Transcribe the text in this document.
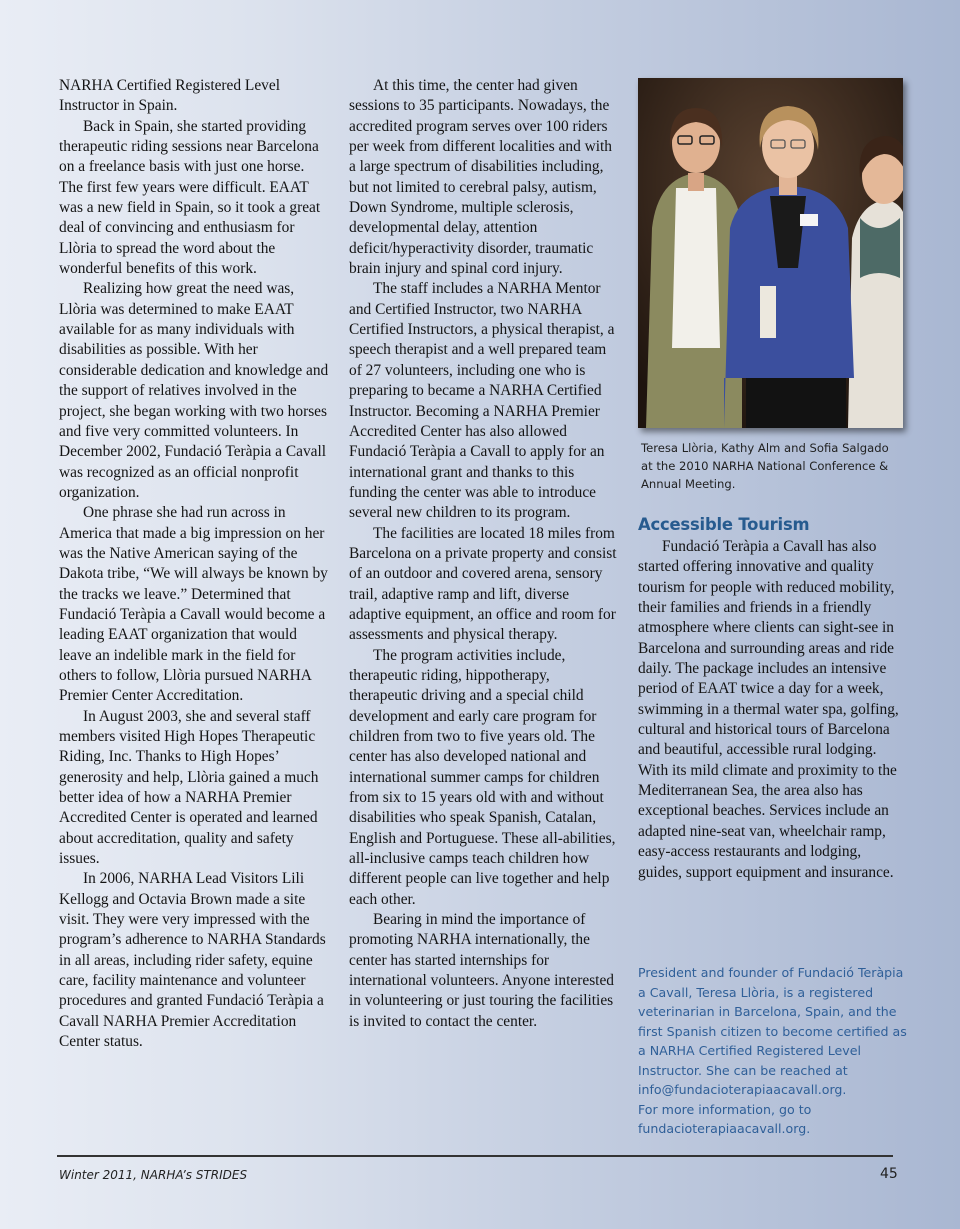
NARHA Certified Registered Level Instructor in Spain.

Back in Spain, she started providing therapeutic riding sessions near Barcelona on a freelance basis with just one horse. The first few years were difficult. EAAT was a new field in Spain, so it took a great deal of convincing and enthusiasm for Llòria to spread the word about the wonderful benefits of this work.

Realizing how great the need was, Llòria was determined to make EAAT available for as many individuals with disabilities as possible. With her considerable dedication and knowledge and the support of relatives involved in the project, she began working with two horses and five very committed volunteers. In December 2002, Fundació Teràpia a Cavall was recognized as an official nonprofit organization.

One phrase she had run across in America that made a big impression on her was the Native American saying of the Dakota tribe, “We will always be known by the tracks we leave.” Determined that Fundació Teràpia a Cavall would become a leading EAAT organization that would leave an indelible mark in the field for others to follow, Llòria pursued NARHA Premier Center Accreditation.

In August 2003, she and several staff members visited High Hopes Therapeutic Riding, Inc. Thanks to High Hopes’ generosity and help, Llòria gained a much better idea of how a NARHA Premier Accredited Center is operated and learned about accreditation, quality and safety issues.

In 2006, NARHA Lead Visitors Lili Kellogg and Octavia Brown made a site visit. They were very impressed with the program’s adherence to NARHA Standards in all areas, including rider safety, equine care, facility maintenance and volunteer procedures and granted Fundació Teràpia a Cavall NARHA Premier Accreditation Center status.

At this time, the center had given sessions to 35 participants. Nowadays, the accredited program serves over 100 riders per week from different localities and with a large spectrum of disabilities including, but not limited to cerebral palsy, autism, Down Syndrome, multiple sclerosis, developmental delay, attention deficit/hyperactivity disorder, traumatic brain injury and spinal cord injury.

The staff includes a NARHA Mentor and Certified Instructor, two NARHA Certified Instructors, a physical therapist, a speech therapist and a well prepared team of 27 volunteers, including one who is preparing to became a NARHA Certified Instructor. Becoming a NARHA Premier Accredited Center has also allowed Fundació Teràpia a Cavall to apply for an international grant and thanks to this funding the center was able to introduce several new children to its program.

The facilities are located 18 miles from Barcelona on a private property and consist of an outdoor and covered arena, sensory trail, adaptive ramp and lift, diverse adaptive equipment, an office and room for assessments and physical therapy.

The program activities include, therapeutic riding, hippotherapy, therapeutic driving and a special child development and early care program for children from two to five years old. The center has also developed national and international summer camps for children from six to 15 years old with and without disabilities who speak Spanish, Catalan, English and Portuguese. These all-abilities, all-inclusive camps teach children how different people can live together and help each other.

Bearing in mind the importance of promoting NARHA internationally, the center has started internships for international volunteers. Anyone interested in volunteering or just touring the facilities is invited to contact the center.

Teresa Llòria, Kathy Alm and Sofia Salgado at the 2010 NARHA National Conference & Annual Meeting.
Accessible Tourism

Fundació Teràpia a Cavall has also started offering innovative and quality tourism for people with reduced mobility, their families and friends in a friendly atmosphere where clients can sight-see in Barcelona and surrounding areas and ride daily. The package includes an intensive period of EAAT twice a day for a week, swimming in a thermal water spa, golfing, cultural and historical tours of Barcelona and beautiful, accessible rural lodging. With its mild climate and proximity to the Mediterranean Sea, the area also has exceptional beaches. Services include an adapted nine-seat van, wheelchair ramp, easy-access restaurants and lodging, guides, support equipment and insurance.

President and founder of Fundació Teràpia a Cavall, Teresa Llòria, is a registered veterinarian in Barcelona, Spain, and the first Spanish citizen to become certified as a NARHA Certified Registered Level Instructor. She can be reached at info@fundacioterapiaacavall.org.

For more information, go to fundacioterapiaacavall.org.

Winter 2011, NARHA’s STRIDES	45
